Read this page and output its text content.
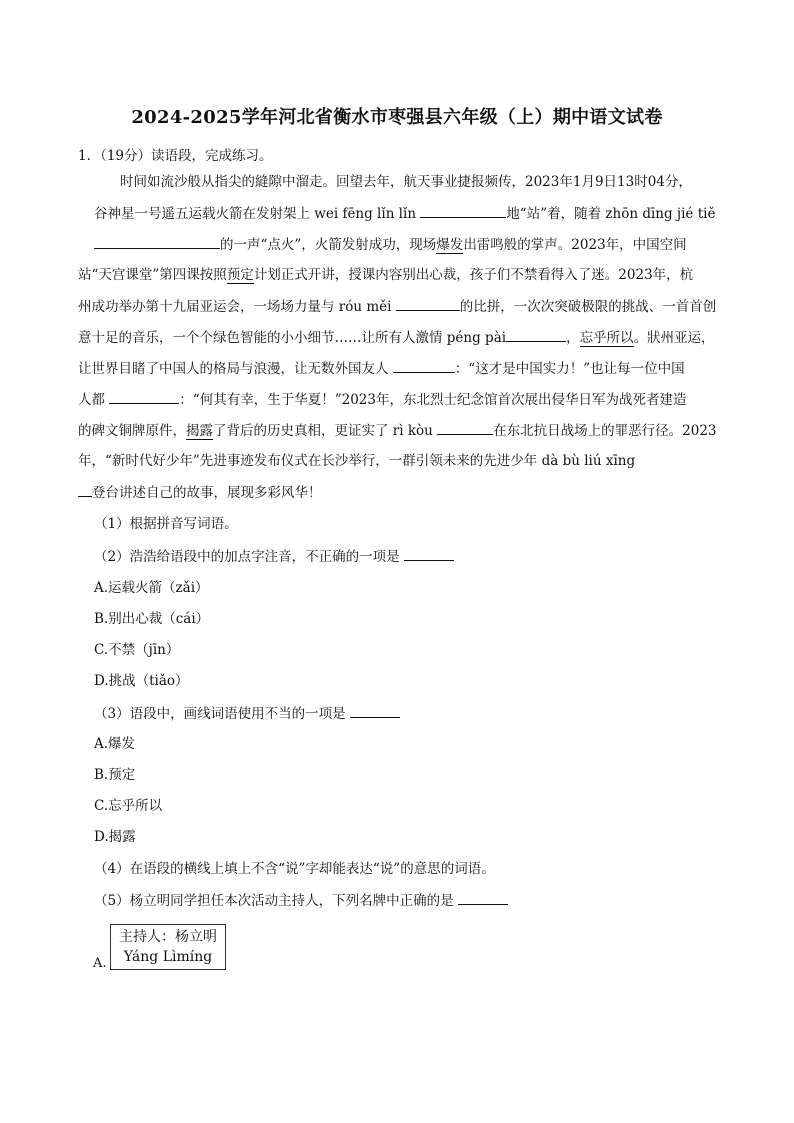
2024-2025学年河北省衡水市枣强县六年级（上）期中语文试卷
1．（19分）读语段，完成练习。
时间如流沙般从指尖的縫隙中溜走。回望去年，航天事业捷报频传，2023年1月9日13时04分，
谷神星一号遥五运载火箭在发射架上 wei fēng lǐn lǐn	地“站”着，随着 zhōn dīng jié tiě
的一声“点火”，火箭发射成功，现场爆发出雷鸣般的掌声。2023年，中国空间
站“天宫课堂”第四课按照预定计划正式开讲，授课内容别出心裁，孩子们不禁看得入了迷。2023年，杭
州成功举办第十九届亚运会，一场场力量与 róu měi	的比拼，一次次突破极限的挑战、一首首创
意十足的音乐，一个个绿色智能的小小细节……让所有人激情 péng pài	，忘乎所以。狀州亚运，
让世界目睹了中国人的格局与浪漫，让无数外国友人	：“这才是中国实力！”也让每一位中国
人都	：“何其有幸，生于华夏！”2023年，东北烈士纪念馆首次展出侵华日军为战死者建造
的碑文铜牌原件，揭露了背后的历史真相，更证实了 rì kòu	在东北抗日战场上的罪恶行径。2023
年，“新时代好少年”先进事迹发布仪式在长沙举行，一群引领未来的先进少年 dà bù liú xīng
登台讲述自己的故事，展现多彩风华！
（1）根据拼音写词语。
（2）浩浩给语段中的加点字注音，不正确的一项是
A.运载火箭（zǎi）
B.别出心裁（cái）
C.不禁（jīn）
D.挑战（tiǎo）
（3）语段中，画线词语使用不当的一项是
A.爆发
B.预定
C.忘乎所以
D.揭露
（4）在语段的横线上填上不含“说”字却能表达“说”的意思的词语。
（5）杨立明同学担任本次活动主持人，下列名牌中正确的是
主持人：杨立明
Yáng Lìmíng
A.
